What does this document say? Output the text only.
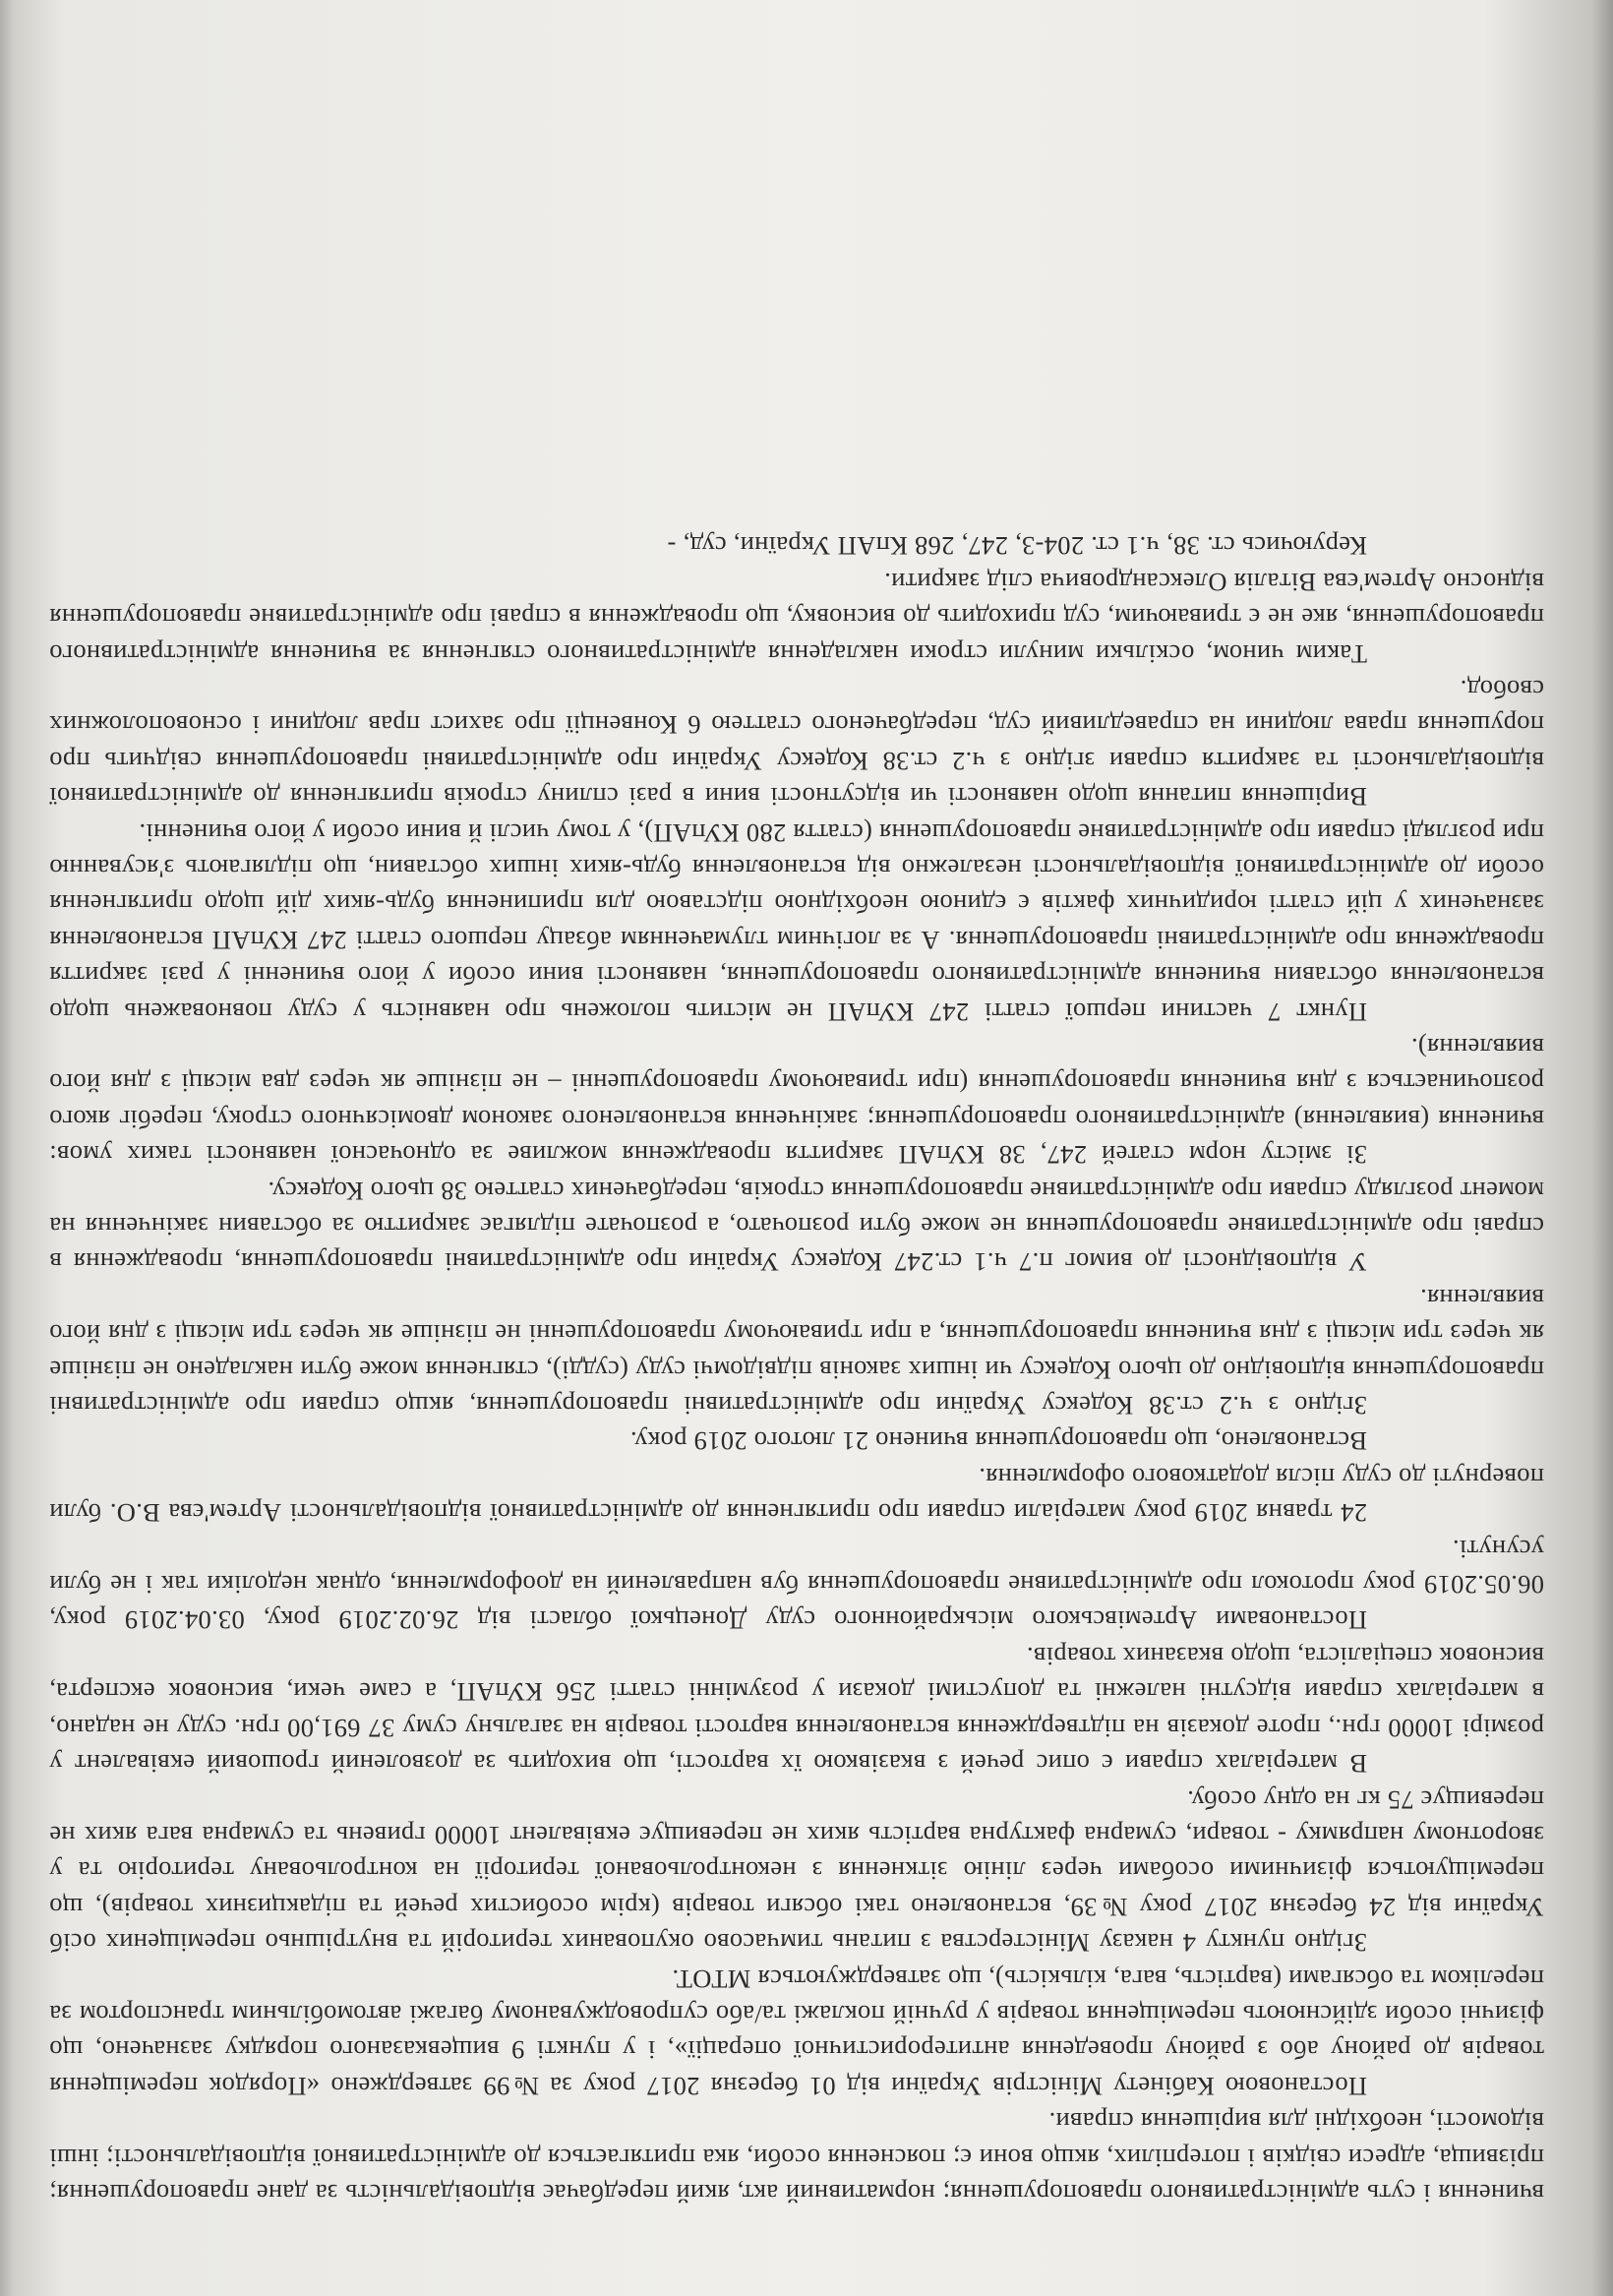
вчинення і суть адміністративного правопорушення; нормативний акт, який передбачає відповідальність за дане правопорушення; прізвища, адреси свідків і потерпілих, якщо вони є; пояснення особи, яка притягається до адміністративної відповідальності; інші відомості, необхідні для вирішення справи.

Постановою Кабінету Міністрів України від 01 березня 2017 року за №99 затверджено «Порядок переміщення товарів до району або з району проведення антитерористичної операції», і у пункті 9 вищевказаного порядку зазначено, що фізичні особи здійснюють переміщення товарів у ручній поклажі та/або супроводжуваному багажі автомобільним транспортом за переліком та обсягами (вартість, вага, кількість), що затверджуються МТОТ.

Згідно пункту 4 наказу Міністерства з питань тимчасово окупованих територій та внутрішньо переміщених осіб України від 24 березня 2017 року №39, встановлено такі обсяги товарів (крім особистих речей та підакцизних товарів), що переміщуються фізичними особами через лінію зіткнення з неконтрольованої території на контрольовану територію та у зворотному напрямку - товари, сумарна фактурна вартість яких не перевищує еквівалент 10000 гривень та сумарна вага яких не перевищує 75 кг на одну особу.

В матеріалах справи є опис речей з вказівкою їх вартості, що виходить за дозволений грошовий еквівалент у розмірі 10000 грн., проте доказів на підтвердження встановлення вартості товарів на загальну суму 37 691,00 грн. суду не надано, в матеріалах справи відсутні належні та допустимі докази у розумінні статті 256 КУпАП, а саме чеки, висновок експерта, висновок спеціаліста, щодо вказаних товарів.

Постановами Артемівського міськрайонного суду Донецької області від 26.02.2019 року, 03.04.2019 року, 06.05.2019 року протокол про адміністративне правопорушення був направлений на дооформлення, однак недоліки так і не були усунуті.

24 травня 2019 року матеріали справи про притягнення до адміністративної відповідальності Артем'єва В.О. були повернуті до суду після додаткового оформлення.

Встановлено, що правопорушення вчинено 21 лютого 2019 року.

Згідно з ч.2 ст.38 Кодексу України про адміністративні правопорушення, якщо справи про адміністративні правопорушення відповідно до цього Кодексу чи інших законів підвідомчі суду (судді), стягнення може бути накладено не пізніше як через три місяці з дня вчинення правопорушення, а при триваючому правопорушенні не пізніше як через три місяці з дня його виявлення.

У відповідності до вимог п.7 ч.1 ст.247 Кодексу України про адміністративні правопорушення, провадження в справі про адміністративне правопорушення не може бути розпочато, а розпочате підлягає закриттю за обставин закінчення на момент розгляду справи про адміністративне правопорушення строків, передбачених статтею 38 цього Кодексу.

Зі змісту норм статей 247, 38 КУпАП закриття провадження можливе за одночасної наявності таких умов: вчинення (виявлення) адміністративного правопорушення; закінчення встановленого законом двомісячного строку, перебіг якого розпочинається з дня вчинення правопорушення (при триваючому правопорушенні – не пізніше як через два місяці з дня його виявлення).

Пункт 7 частини першої статті 247 КУпАП не містить положень про наявність у суду повноважень щодо встановлення обставин вчинення адміністративного правопорушення, наявності вини особи у його вчиненні у разі закриття провадження про адміністративні правопорушення. А за логічним тлумаченням абзацу першого статті 247 КУпАП встановлення зазначених у цій статті юридичних фактів є єдиною необхідною підставою для припинення будь-яких дій щодо притягнення особи до адміністративної відповідальності незалежно від встановлення будь-яких інших обставин, що підлягають з'ясуванню при розгляді справи про адміністративне правопорушення (стаття 280 КУпАП), у тому числі й вини особи у його вчиненні.

Вирішення питання щодо наявності чи відсутності вини в разі сплину строків притягнення до адміністративної відповідальності та закриття справи згідно з ч.2 ст.38 Кодексу України про адміністративні правопорушення свідчить про порушення права людини на справедливий суд, передбаченого статтею 6 Конвенції про захист прав людини і основоположних свобод.

Таким чином, оскільки минули строки накладення адміністративного стягнення за вчинення адміністративного правопорушення, яке не є триваючим, суд приходить до висновку, що провадження в справі про адміністративне правопорушення відносно Артем'єва Віталія Олександровича слід закрити.

Керуючись ст. 38, ч.1 ст. 204-3, 247, 268 КпАП України, суд, -
